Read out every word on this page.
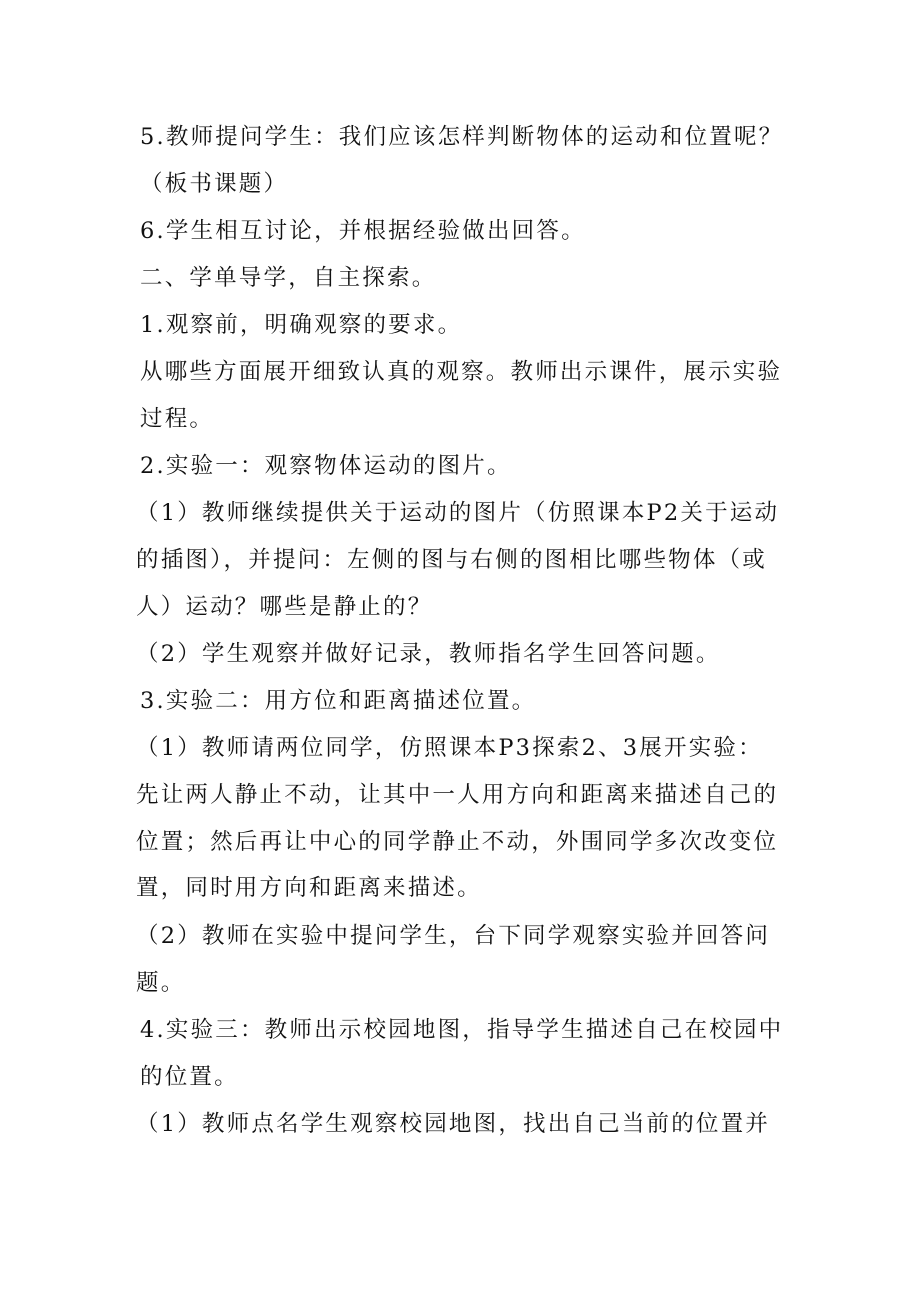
5.教师提问学生：我们应该怎样判断物体的运动和位置呢？（板书课题）

6.学生相互讨论，并根据经验做出回答。

二、学单导学，自主探索。

1.观察前，明确观察的要求。

从哪些方面展开细致认真的观察。教师出示课件，展示实验过程。

2.实验一：观察物体运动的图片。

（1）教师继续提供关于运动的图片（仿照课本P2关于运动的插图），并提问：左侧的图与右侧的图相比哪些物体（或人）运动？哪些是静止的？

（2）学生观察并做好记录，教师指名学生回答问题。

3.实验二：用方位和距离描述位置。

（1）教师请两位同学，仿照课本P3探索2、3展开实验：先让两人静止不动，让其中一人用方向和距离来描述自己的位置；然后再让中心的同学静止不动，外围同学多次改变位置，同时用方向和距离来描述。

（2）教师在实验中提问学生，台下同学观察实验并回答问题。

4.实验三：教师出示校园地图，指导学生描述自己在校园中的位置。

（1）教师点名学生观察校园地图，找出自己当前的位置并
